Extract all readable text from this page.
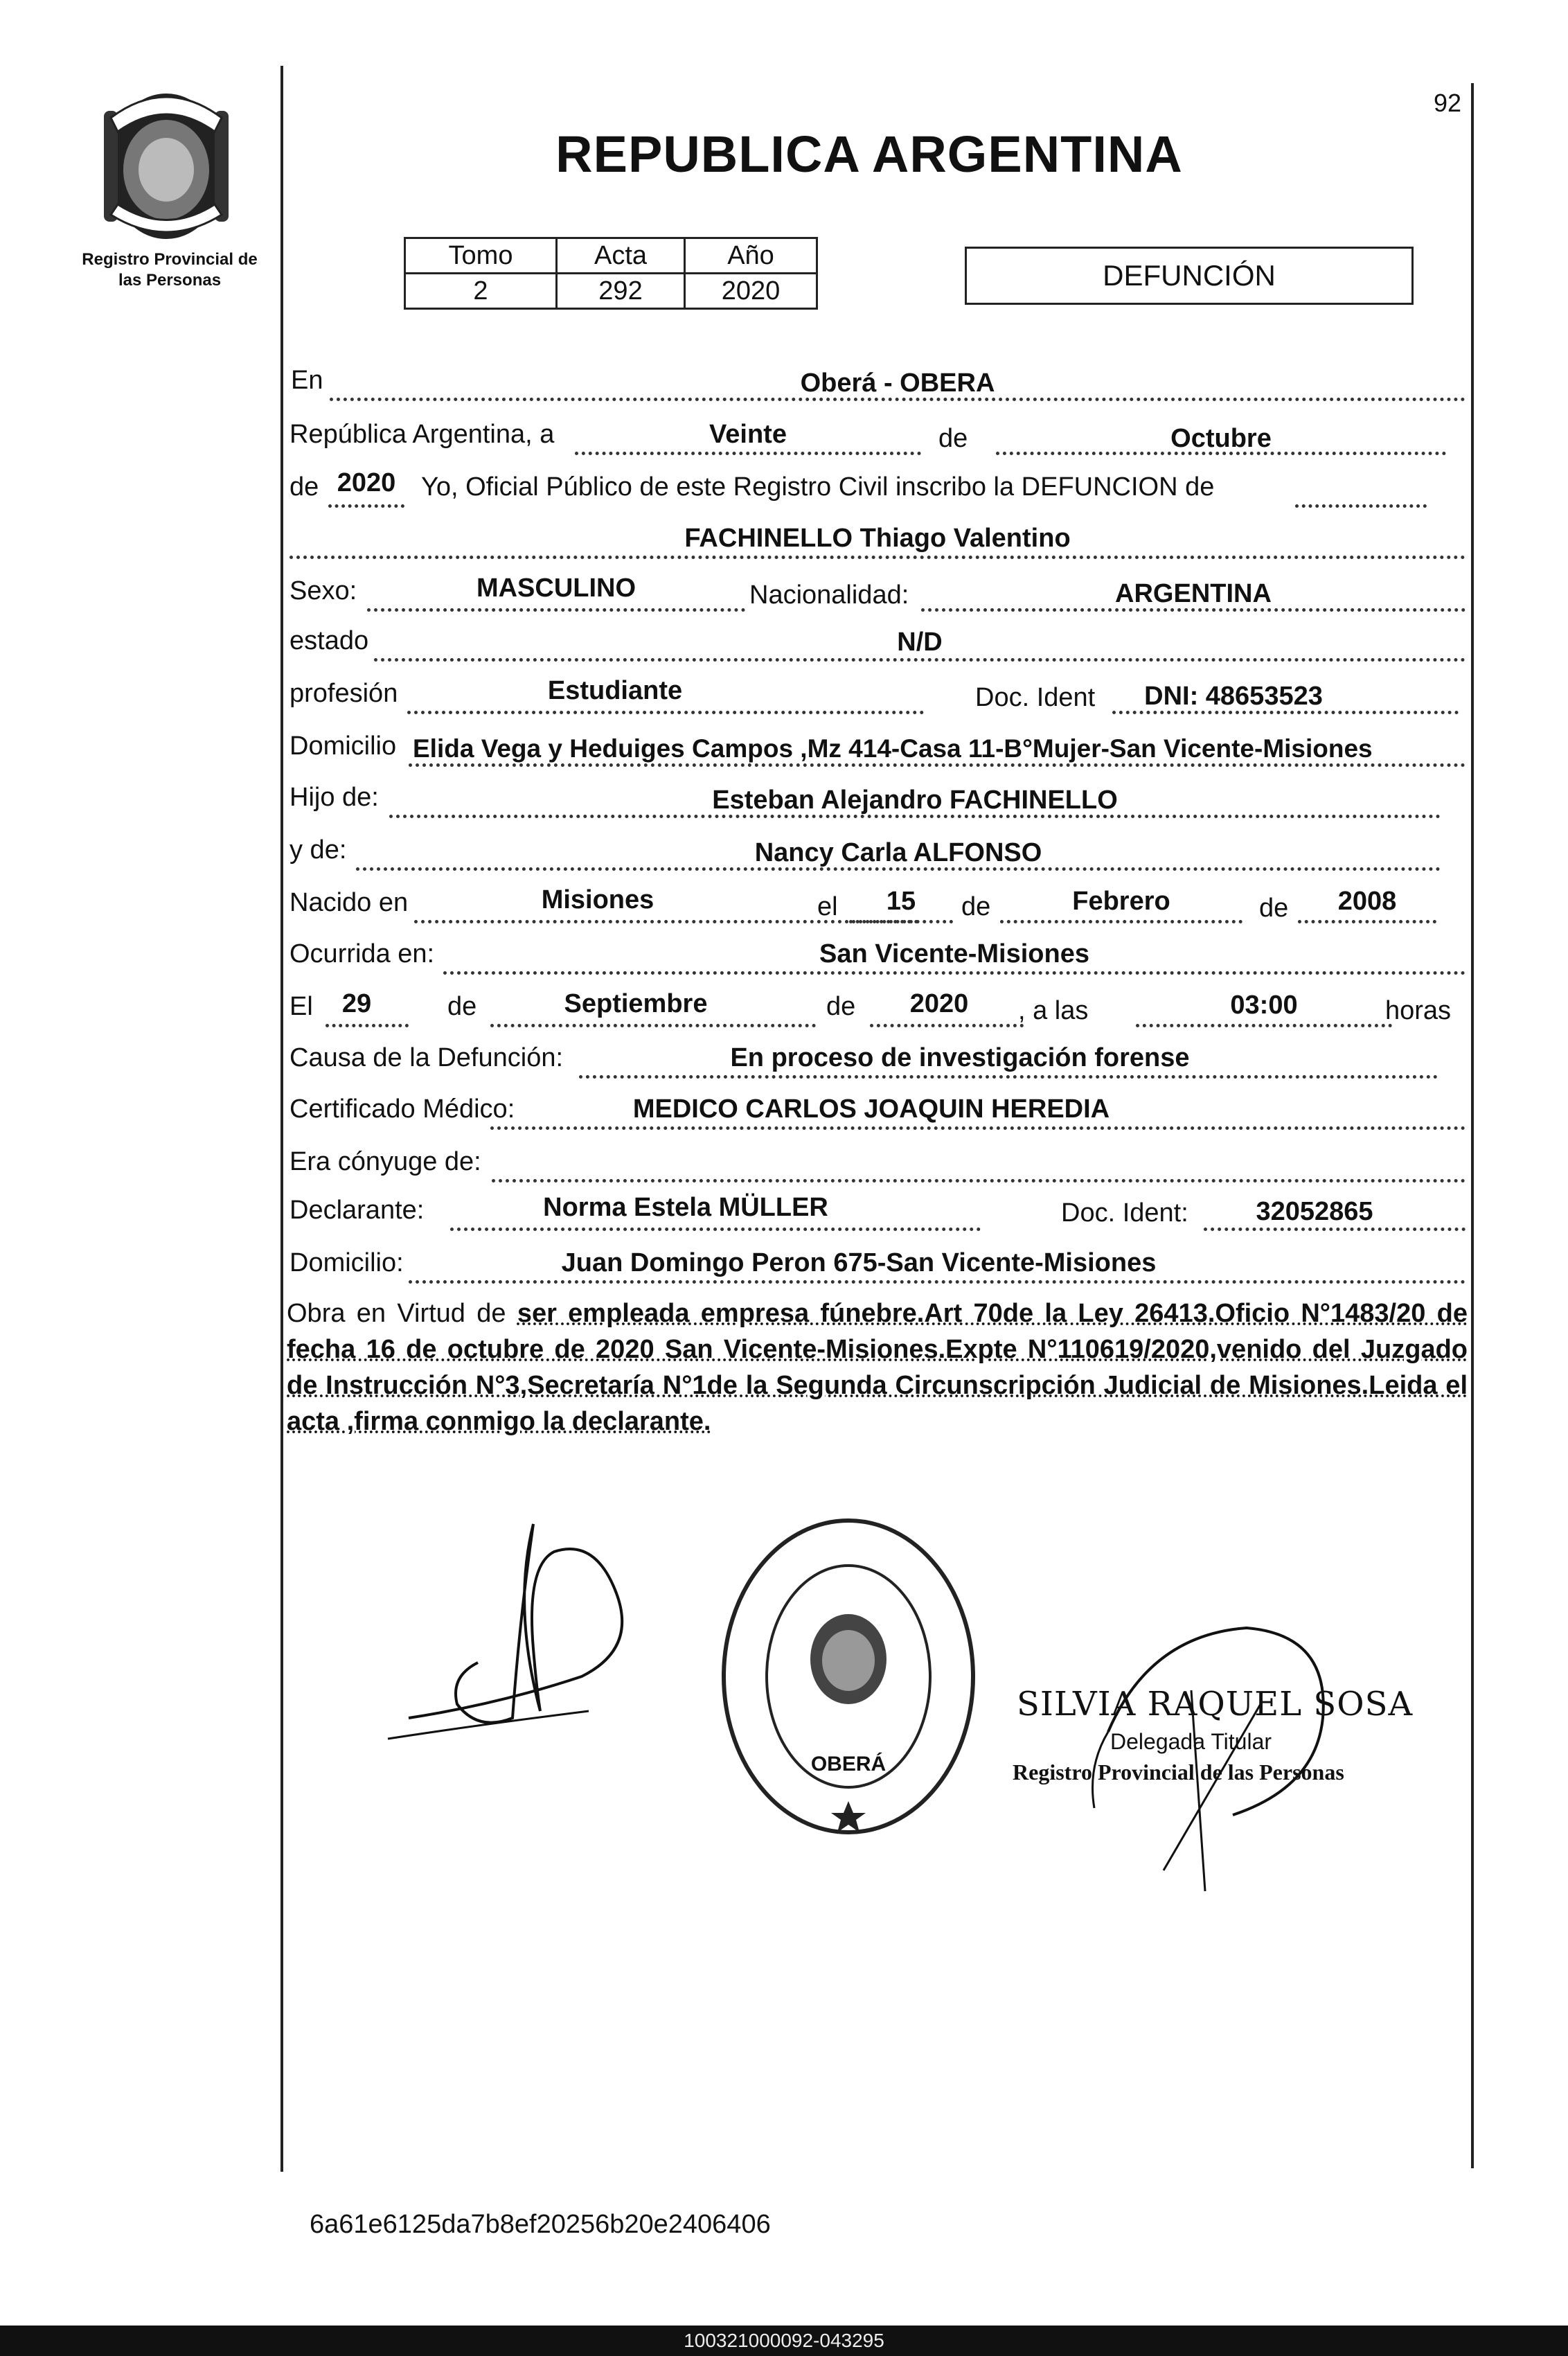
Registro Provincial de
las Personas
92
REPUBLICA ARGENTINA
Tomo	Acta	Año
2	292	2020	DEFUNCIÓN
En	Oberá - OBERA
República Argentina, a	Veinte	de	Octubre
de 2020 Yo, Oficial Público de este Registro Civil inscribo la DEFUNCION de
FACHINELLO Thiago Valentino
Sexo:	MASCULINO	Nacionalidad:	ARGENTINA
estado	N/D
profesión	Estudiante	Doc. Ident	DNI: 48653523
Domicilio Elida Vega y Heduiges Campos ,Mz 414-Casa 11-B°Mujer-San Vicente-Misiones
Hijo de:	Esteban Alejandro FACHINELLO
y de:	Nancy Carla ALFONSO
Nacido en	Misiones	el	15	de	Febrero	de	2008
Ocurrida en:	San Vicente-Misiones
El	29	de	Septiembre	de	2020	, a las	03:00	horas
Causa de la Defunción:	En proceso de investigación forense
Certificado Médico:	MEDICO CARLOS JOAQUIN HEREDIA
Era cónyuge de:
Declarante:	Norma Estela MÜLLER	Doc. Ident:	32052865
Domicilio:	Juan Domingo Peron 675-San Vicente-Misiones
Obra en Virtud de ser empleada empresa fúnebre.Art 70de la Ley 26413.Oficio N°1483/20 de fecha 16 de octubre de 2020 San Vicente-Misiones.Expte N°110619/2020,venido del Juzgado de Instrucción N°3,Secretaría N°1de la Segunda Circunscripción Judicial de Misiones.Leida el acta ,firma conmigo la declarante.
OBERÁ
SILVIA RAQUEL SOSA
Delegada Titular
Registro Provincial de las Personas
6a61e6125da7b8ef20256b20e2406406
100321000092-043295
